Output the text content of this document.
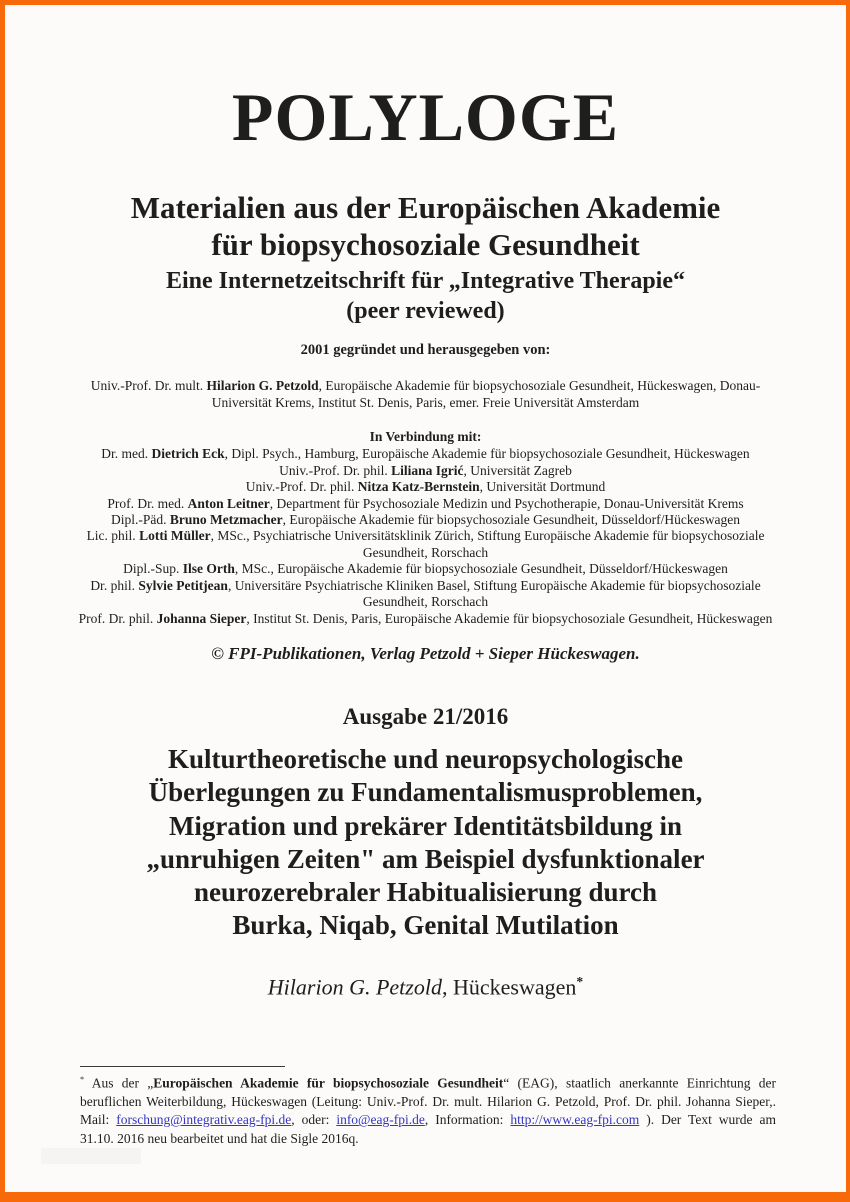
POLYLOGE
Materialien aus der Europäischen Akademie
für biopsychosoziale Gesundheit
Eine Internetzeitschrift für „Integrative Therapie“
(peer reviewed)
2001 gegründet und herausgegeben von:
Univ.-Prof. Dr. mult. Hilarion G. Petzold, Europäische Akademie für biopsychosoziale Gesundheit, Hückeswagen, Donau-Universität Krems, Institut St. Denis, Paris, emer. Freie Universität Amsterdam
In Verbindung mit:
Dr. med. Dietrich Eck, Dipl. Psych., Hamburg, Europäische Akademie für biopsychosoziale Gesundheit, Hückeswagen
Univ.-Prof. Dr. phil. Liliana Igrić, Universität Zagreb
Univ.-Prof. Dr. phil. Nitza Katz-Bernstein, Universität Dortmund
Prof. Dr. med. Anton Leitner, Department für Psychosoziale Medizin und Psychotherapie, Donau-Universität Krems
Dipl.-Päd. Bruno Metzmacher, Europäische Akademie für biopsychosoziale Gesundheit, Düsseldorf/Hückeswagen
Lic. phil. Lotti Müller, MSc., Psychiatrische Universitätsklinik Zürich, Stiftung Europäische Akademie für biopsychosoziale Gesundheit, Rorschach
Dipl.-Sup. Ilse Orth, MSc., Europäische Akademie für biopsychosoziale Gesundheit, Düsseldorf/Hückeswagen
Dr. phil. Sylvie Petitjean, Universitäre Psychiatrische Kliniken Basel, Stiftung Europäische Akademie für biopsychosoziale Gesundheit, Rorschach
Prof. Dr. phil. Johanna Sieper, Institut St. Denis, Paris, Europäische Akademie für biopsychosoziale Gesundheit, Hückeswagen
© FPI-Publikationen, Verlag Petzold + Sieper Hückeswagen.
Ausgabe 21/2016
Kulturtheoretische und neuropsychologische
Überlegungen zu Fundamentalismusproblemen,
Migration und prekärer Identitätsbildung in
„unruhigen Zeiten" am Beispiel dysfunktionaler
neurozerebraler Habitualisierung durch
Burka, Niqab, Genital Mutilation
Hilarion G. Petzold, Hückeswagen*
* Aus der „Europäischen Akademie für biopsychosoziale Gesundheit“ (EAG), staatlich anerkannte Einrichtung der beruflichen Weiterbildung, Hückeswagen (Leitung: Univ.-Prof. Dr. mult. Hilarion G. Petzold, Prof. Dr. phil. Johanna Sieper,. Mail: forschung@integrativ.eag-fpi.de, oder: info@eag-fpi.de, Information: http://www.eag-fpi.com ). Der Text wurde am 31.10. 2016 neu bearbeitet und hat die Sigle 2016q.
